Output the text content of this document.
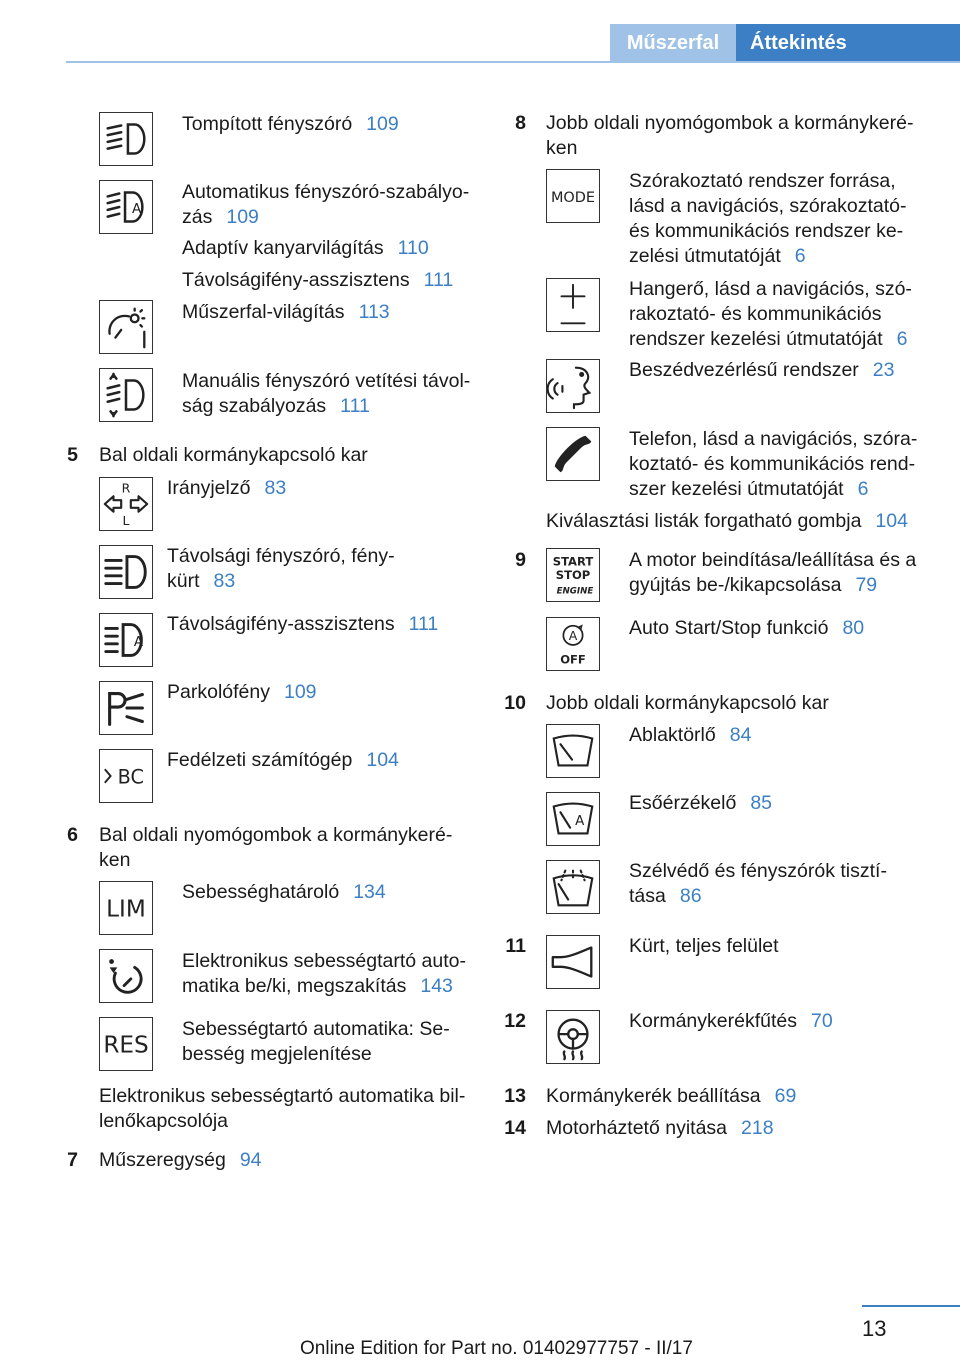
Műszerfal	Áttekintés
Tompított fényszóró 109
A
Automatikus fényszóró-szabályo-
zás 109
Adaptív kanyarvilágítás 110
Távolságifény-asszisztens 111
Műszerfal-világítás 113
Manuális fényszóró vetítési távol-
ság szabályozás 111
5 Bal oldali kormánykapcsoló kar
R
L
Irányjelző 83
Távolsági fényszóró, fény-
kürt 83
A
Távolságifény-asszisztens 111
Parkolófény 109
BC
Fedélzeti számítógép 104
6 Bal oldali nyomógombok a kormánykeré-
ken
LIM
Sebességhatároló 134
Elektronikus sebességtartó auto-
matika be/ki, megszakítás 143
RES
Sebességtartó automatika: Se-
besség megjelenítése
Elektronikus sebességtartó automatika bil-
lenőkapcsolója
7 Műszeregység 94
8 Jobb oldali nyomógombok a kormánykeré-
ken
MODE
Szórakoztató rendszer forrása,
lásd a navigációs, szórakoztató-
és kommunikációs rendszer ke-
zelési útmutatóját 6
Hangerő, lásd a navigációs, szó-
rakoztató- és kommunikációs
rendszer kezelési útmutatóját 6
Beszédvezérlésű rendszer 23
Telefon, lásd a navigációs, szóra-
koztató- és kommunikációs rend-
szer kezelési útmutatóját 6
Kiválasztási listák forgatható gombja 104
9 START
STOP
ENGINE
A motor beindítása/leállítása és a
gyújtás be-/kikapcsolása 79
A
OFF
Auto Start/Stop funkció 80
10 Jobb oldali kormánykapcsoló kar
Ablaktörlő 84
A
Esőérzékelő 85
Szélvédő és fényszórók tisztí-
tása 86
11	Kürt, teljes felület
12	Kormánykerékfűtés 70
13 Kormánykerék beállítása 69
14 Motorháztető nyitása 218
13
Online Edition for Part no. 01402977757 - II/17
